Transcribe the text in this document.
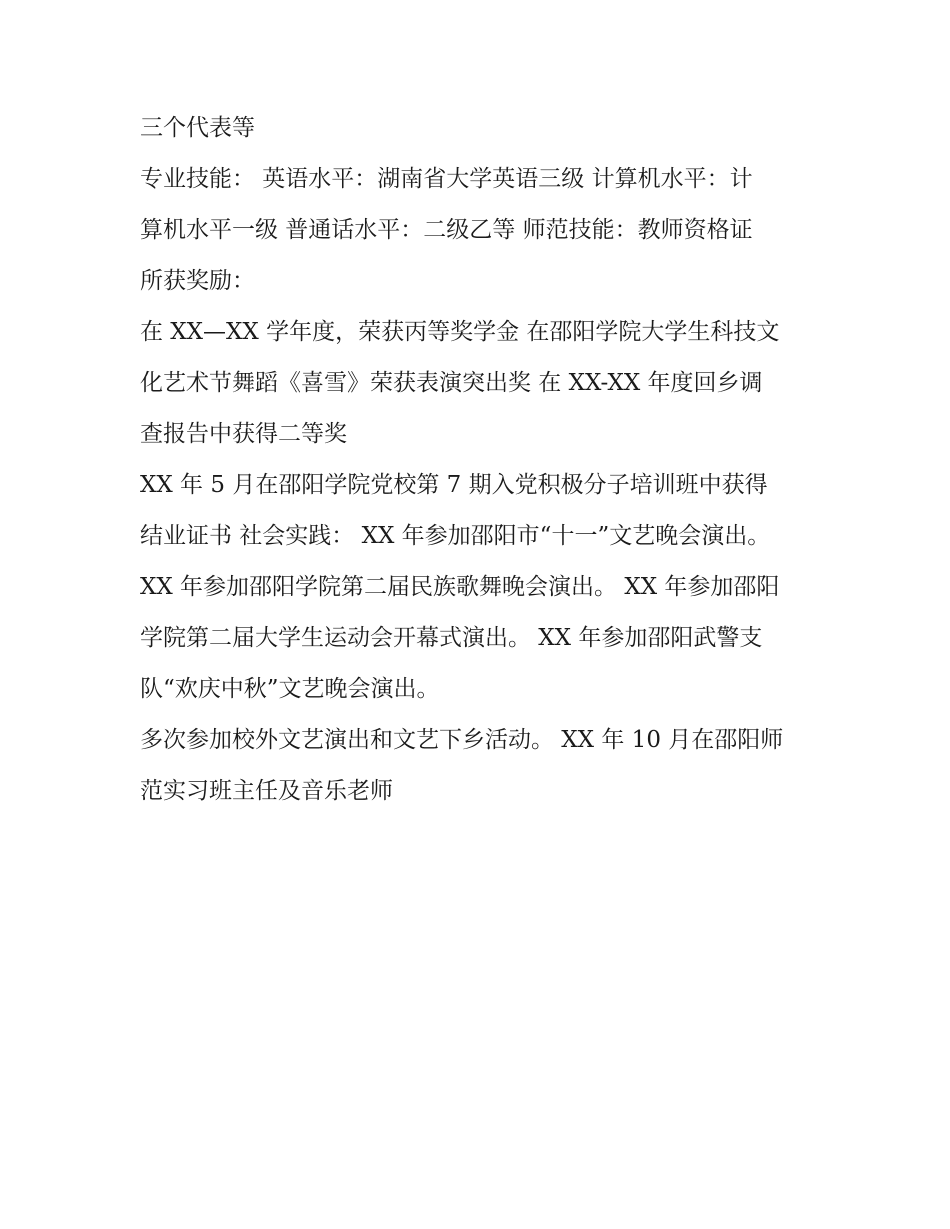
三个代表等

专业技能： 英语水平：湖南省大学英语三级 计算机水平：计
算机水平一级 普通话水平：二级乙等 师范技能：教师资格证
所获奖励：

在 XX—XX 学年度，荣获丙等奖学金 在邵阳学院大学生科技文
化艺术节舞蹈《喜雪》荣获表演突出奖 在 XX-XX 年度回乡调
查报告中获得二等奖

XX 年 5 月在邵阳学院党校第 7 期入党积极分子培训班中获得
结业证书 社会实践： XX 年参加邵阳市“十一”文艺晚会演出。
XX 年参加邵阳学院第二届民族歌舞晚会演出。 XX 年参加邵阳
学院第二届大学生运动会开幕式演出。 XX 年参加邵阳武警支
队“欢庆中秋”文艺晚会演出。

多次参加校外文艺演出和文艺下乡活动。 XX 年 10 月在邵阳师
范实习班主任及音乐老师
